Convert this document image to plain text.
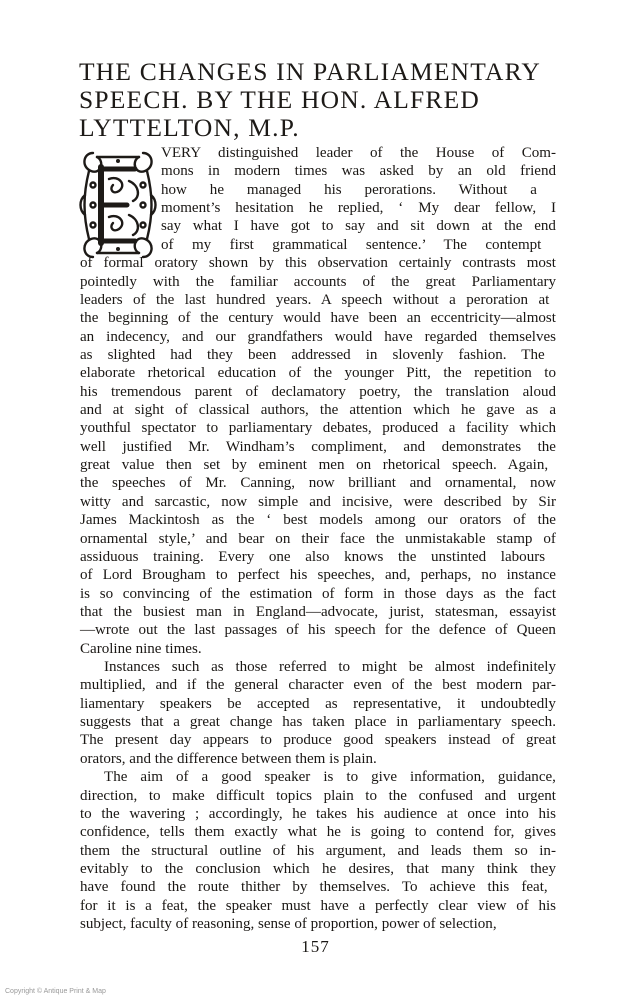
THE CHANGES IN PARLIAMENTARY
SPEECH. BY THE HON. ALFRED
LYTTELTON, M.P.
VERY distinguished leader of the House of Com-
mons in modern times was asked by an old friend
how he managed his perorations. Without a
moment’s hesitation he replied, ‘ My dear fellow, I
say what I have got to say and sit down at the end
of my first grammatical sentence.’ The contempt
of formal oratory shown by this observation certainly contrasts most
pointedly with the familiar accounts of the great Parliamentary
leaders of the last hundred years. A speech without a peroration at
the beginning of the century would have been an eccentricity—almost
an indecency, and our grandfathers would have regarded themselves
as slighted had they been addressed in slovenly fashion. The
elaborate rhetorical education of the younger Pitt, the repetition to
his tremendous parent of declamatory poetry, the translation aloud
and at sight of classical authors, the attention which he gave as a
youthful spectator to parliamentary debates, produced a facility which
well justified Mr. Windham’s compliment, and demonstrates the
great value then set by eminent men on rhetorical speech. Again,
the speeches of Mr. Canning, now brilliant and ornamental, now
witty and sarcastic, now simple and incisive, were described by Sir
James Mackintosh as the ‘ best models among our orators of the
ornamental style,’ and bear on their face the unmistakable stamp of
assiduous training. Every one also knows the unstinted labours
of Lord Brougham to perfect his speeches, and, perhaps, no instance
is so convincing of the estimation of form in those days as the fact
that the busiest man in England—advocate, jurist, statesman, essayist
—wrote out the last passages of his speech for the defence of Queen
Caroline nine times.
Instances such as those referred to might be almost indefinitely
multiplied, and if the general character even of the best modern par-
liamentary speakers be accepted as representative, it undoubtedly
suggests that a great change has taken place in parliamentary speech.
The present day appears to produce good speakers instead of great
orators, and the difference between them is plain.
The aim of a good speaker is to give information, guidance,
direction, to make difficult topics plain to the confused and urgent
to the wavering ; accordingly, he takes his audience at once into his
confidence, tells them exactly what he is going to contend for, gives
them the structural outline of his argument, and leads them so in-
evitably to the conclusion which he desires, that many think they
have found the route thither by themselves. To achieve this feat,
for it is a feat, the speaker must have a perfectly clear view of his
subject, faculty of reasoning, sense of proportion, power of selection,
157
Copyright © Antique Print & Map
